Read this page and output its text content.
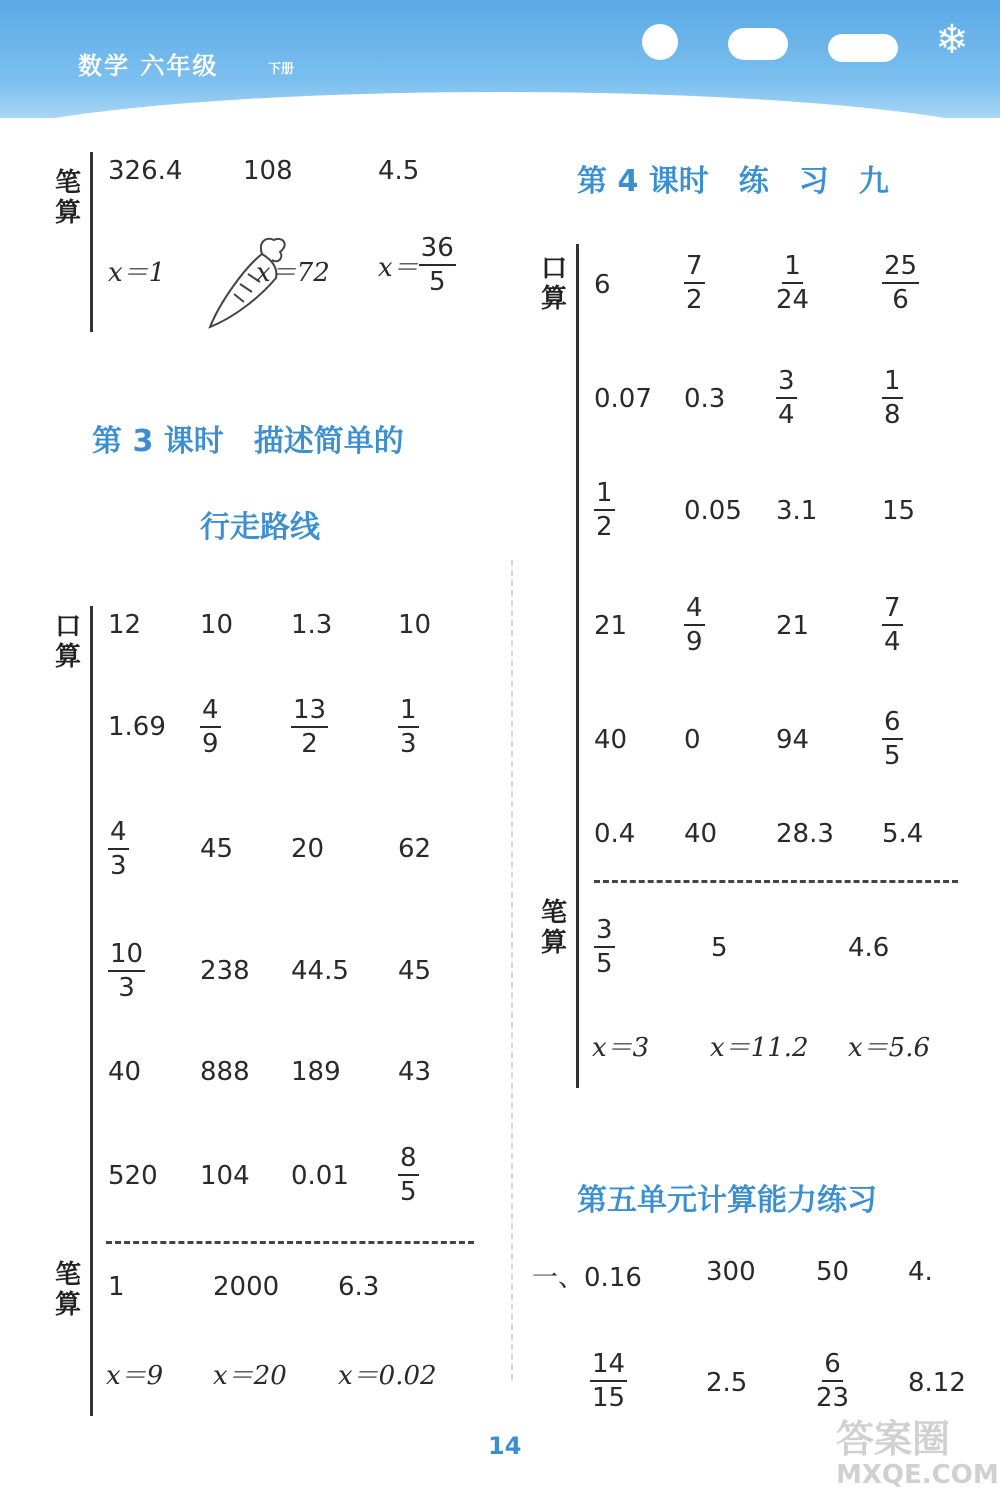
数学 六年级	下册
❄
笔算
326.4 108	4.5
x＝1	x＝72 $x= \frac{36}{5}$
第 3 课时　描述简单的
行走路线
口算
12 10 1.3	10
$1.69 \frac{4}{9}$	$\frac{13}{2}$	$\frac{1}{3}$
$\frac{4}{3}$	45 20	62
$\frac{10}{3} 238$ 44.5 45
40 888 189 43
520 104 $0.01 \frac{8}{5}$
笔算
1	2000 6.3
x＝9 x＝20 x＝0.02
第 4 课时　练　习　九
口算 6	$\frac{7}{2}$	$\frac{1}{24}$	$\frac{25}{6}$
0.07 $0.3 \frac{3}{4}$	$\frac{1}{8}$
$\frac{1}{2}$	0.05 3.1 15
$21 \frac{4}{9}$	21	$\frac{7}{4}$
40 0	94	$\frac{6}{5}$
0.4 40 28.3 5.4
笔算 $\frac{3}{5}$	5	4.6
x＝3 x＝11.2 x＝5.6
第五单元计算能力练习
一、0.16 300 50 4.
$\frac{14}{15}$	2.5	$\frac{6}{23} 8.12$
14	答案圈
MXQE.COM
